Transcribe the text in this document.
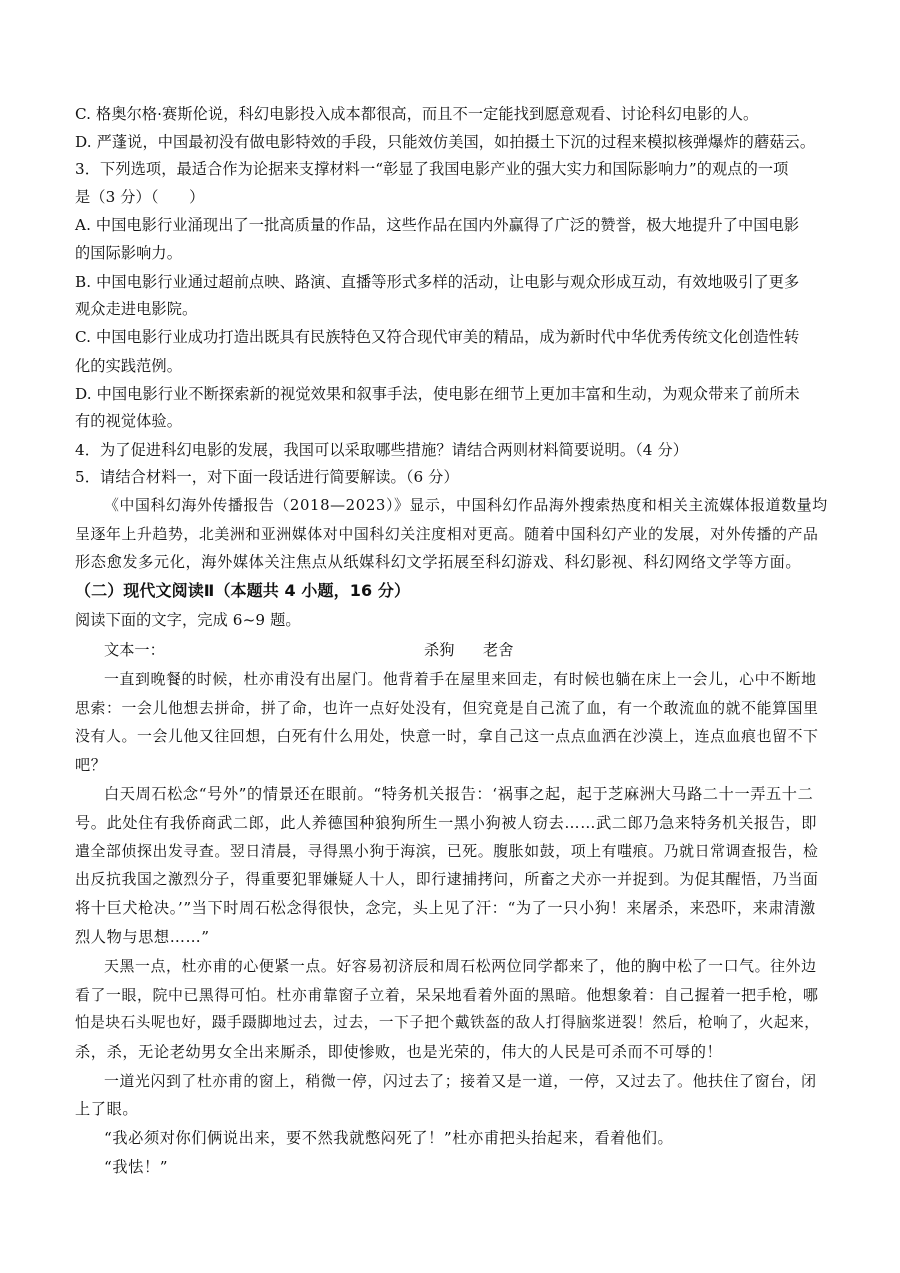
C. 格奥尔格·赛斯伦说，科幻电影投入成本都很高，而且不一定能找到愿意观看、讨论科幻电影的人。
D. 严蓬说，中国最初没有做电影特效的手段，只能效仿美国，如拍摄土下沉的过程来模拟核弹爆炸的蘑菇云。
3．下列选项，最适合作为论据来支撑材料一“彰显了我国电影产业的强大实力和国际影响力”的观点的一项
是（3 分）（　　）
A. 中国电影行业涌现出了一批高质量的作品，这些作品在国内外赢得了广泛的赞誉，极大地提升了中国电影
的国际影响力。
B. 中国电影行业通过超前点映、路演、直播等形式多样的活动，让电影与观众形成互动，有效地吸引了更多
观众走进电影院。
C. 中国电影行业成功打造出既具有民族特色又符合现代审美的精品，成为新时代中华优秀传统文化创造性转
化的实践范例。
D. 中国电影行业不断探索新的视觉效果和叙事手法，使电影在细节上更加丰富和生动，为观众带来了前所未
有的视觉体验。
4．为了促进科幻电影的发展，我国可以采取哪些措施？请结合两则材料简要说明。（4 分）
5．请结合材料一，对下面一段话进行简要解读。（6 分）
《中国科幻海外传播报告（2018—2023）》显示，中国科幻作品海外搜索热度和相关主流媒体报道数量均
呈逐年上升趋势，北美洲和亚洲媒体对中国科幻关注度相对更高。随着中国科幻产业的发展，对外传播的产品
形态愈发多元化，海外媒体关注焦点从纸媒科幻文学拓展至科幻游戏、科幻影视、科幻网络文学等方面。
（二）现代文阅读Ⅱ（本题共 4 小题，16 分）
阅读下面的文字，完成 6~9 题。
文本一：	杀狗 老舍
一直到晚餐的时候，杜亦甫没有出屋门。他背着手在屋里来回走，有时候也躺在床上一会儿，心中不断地
思索：一会儿他想去拼命，拼了命，也许一点好处没有，但究竟是自己流了血，有一个敢流血的就不能算国里
没有人。一会儿他又往回想，白死有什么用处，快意一时，拿自己这一点点血洒在沙漠上，连点血痕也留不下
吧？
白天周石松念“号外”的情景还在眼前。“特务机关报告：‘祸事之起，起于芝麻洲大马路二十一弄五十二
号。此处住有我侨商武二郎，此人养德国种狼狗所生一黑小狗被人窃去……武二郎乃急来特务机关报告，即
遣全部侦探出发寻查。翌日清晨，寻得黑小狗于海滨，已死。腹胀如鼓，项上有嗤痕。乃就日常调查报告，检
出反抗我国之激烈分子，得重要犯罪嫌疑人十人，即行逮捕拷问，所畜之犬亦一并捉到。为促其醒悟，乃当面
将十巨犬枪决。’”当下时周石松念得很快，念完，头上见了汗：“为了一只小狗！来屠杀，来恐吓，来肃清激
烈人物与思想……”
天黑一点，杜亦甫的心便紧一点。好容易初济辰和周石松两位同学都来了，他的胸中松了一口气。往外边
看了一眼，院中已黑得可怕。杜亦甫靠窗子立着，呆呆地看着外面的黑暗。他想象着：自己握着一把手枪，哪
怕是块石头呢也好，蹑手蹑脚地过去，过去，一下子把个戴铁盔的敌人打得脑浆迸裂！然后，枪响了，火起来，
杀，杀，无论老幼男女全出来厮杀，即使惨败，也是光荣的，伟大的人民是可杀而不可辱的！
一道光闪到了杜亦甫的窗上，稍微一停，闪过去了；接着又是一道，一停，又过去了。他扶住了窗台，闭
上了眼。
“我必须对你们俩说出来，要不然我就憋闷死了！”杜亦甫把头抬起来，看着他们。
“我怯！”
